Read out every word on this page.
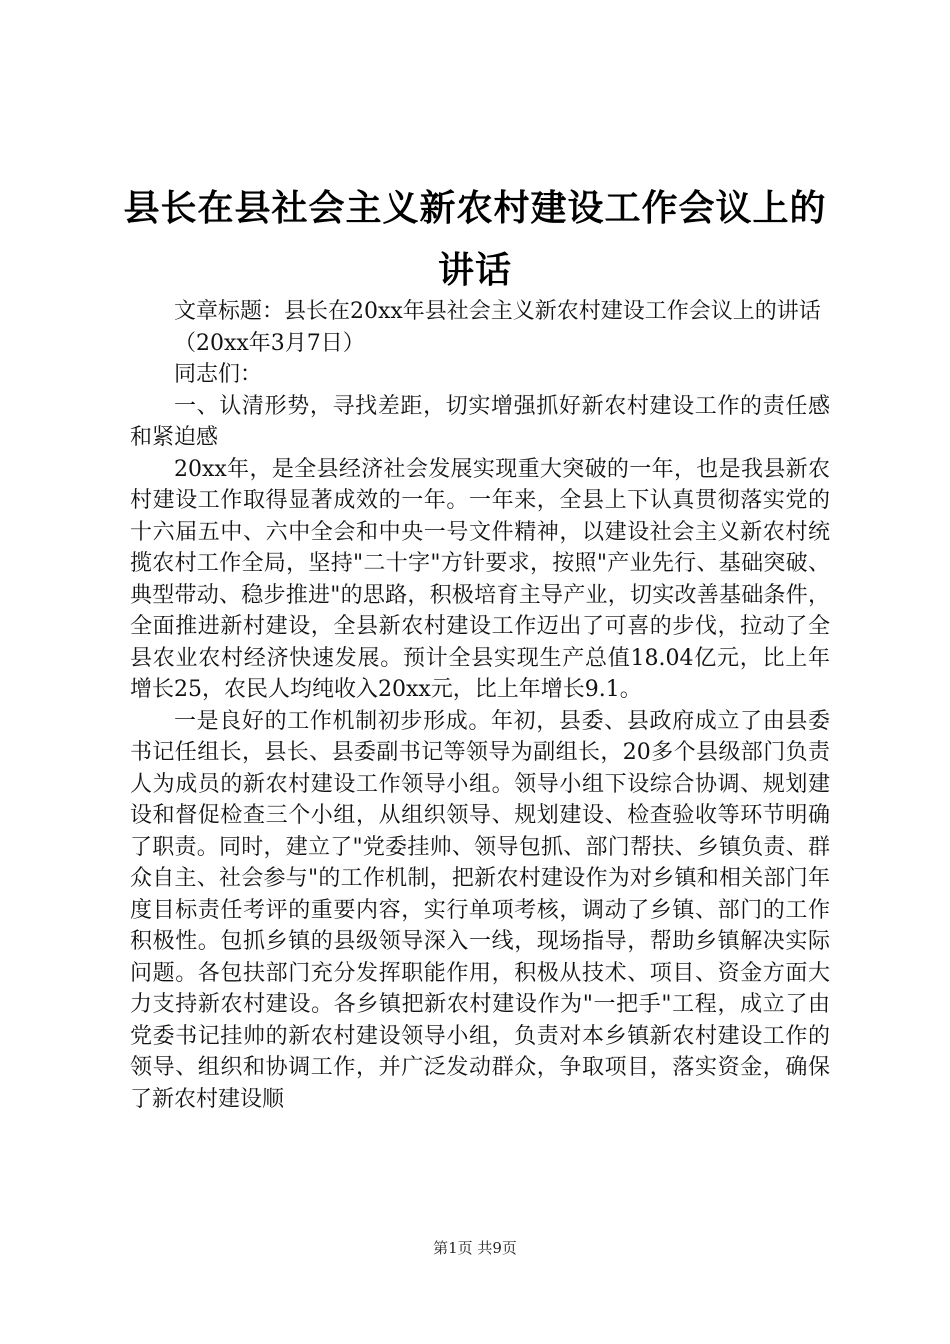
县长在县社会主义新农村建设工作会议上的讲话

文章标题：县长在20xx年县社会主义新农村建设工作会议上的讲话

（20xx年3月7日）

同志们：

一、认清形势，寻找差距，切实增强抓好新农村建设工作的责任感和紧迫感

20xx年，是全县经济社会发展实现重大突破的一年，也是我县新农村建设工作取得显著成效的一年。一年来，全县上下认真贯彻落实党的十六届五中、六中全会和中央一号文件精神，以建设社会主义新农村统揽农村工作全局，坚持"二十字"方针要求，按照"产业先行、基础突破、典型带动、稳步推进"的思路，积极培育主导产业，切实改善基础条件，全面推进新村建设，全县新农村建设工作迈出了可喜的步伐，拉动了全县农业农村经济快速发展。预计全县实现生产总值18.04亿元，比上年增长25，农民人均纯收入20xx元，比上年增长9.1。

一是良好的工作机制初步形成。年初，县委、县政府成立了由县委书记任组长，县长、县委副书记等领导为副组长，20多个县级部门负责人为成员的新农村建设工作领导小组。领导小组下设综合协调、规划建设和督促检查三个小组，从组织领导、规划建设、检查验收等环节明确了职责。同时，建立了"党委挂帅、领导包抓、部门帮扶、乡镇负责、群众自主、社会参与"的工作机制，把新农村建设作为对乡镇和相关部门年度目标责任考评的重要内容，实行单项考核，调动了乡镇、部门的工作积极性。包抓乡镇的县级领导深入一线，现场指导，帮助乡镇解决实际问题。各包扶部门充分发挥职能作用，积极从技术、项目、资金方面大力支持新农村建设。各乡镇把新农村建设作为"一把手"工程，成立了由党委书记挂帅的新农村建设领导小组，负责对本乡镇新农村建设工作的领导、组织和协调工作，并广泛发动群众，争取项目，落实资金，确保了新农村建设顺

第1页 共9页
